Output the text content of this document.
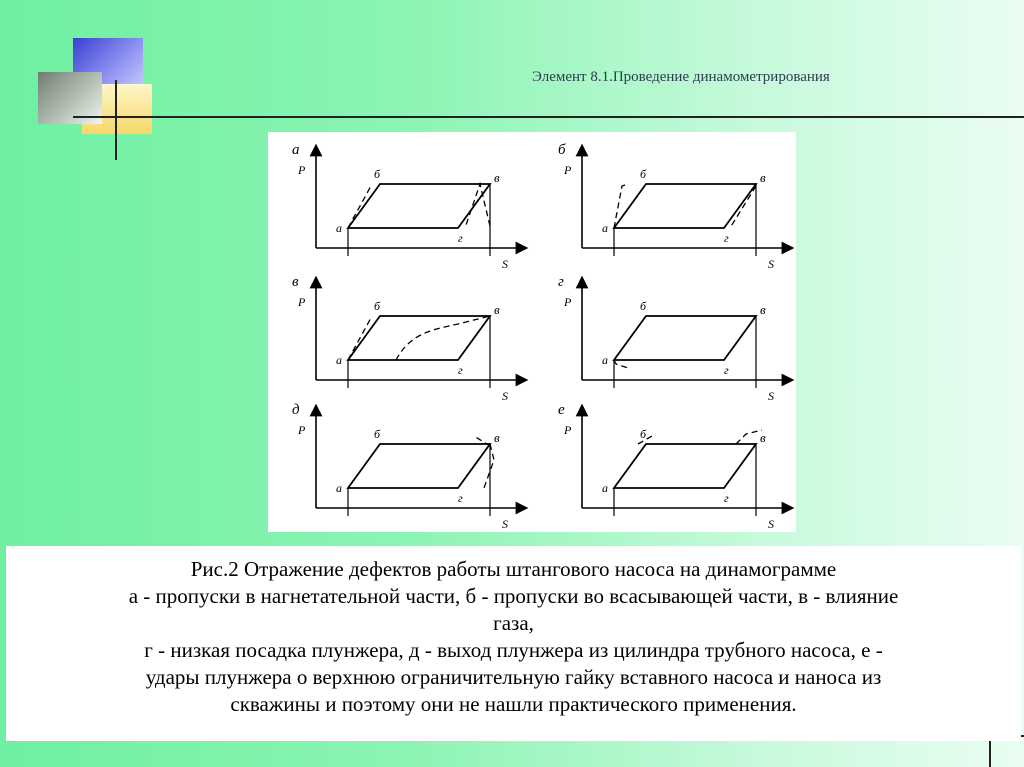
Элемент 8.1.Проведение динамометрирования
а
P
S
а
б	в
г
б
P
S
а
б	в
г
в
P
S
а
б	в
г
г
P
S
а
б	в
г
д
P
S
а
б	в
г
е
P
S
а
б	в
г
Рис.2 Отражение дефектов работы штангового насоса на динамограмме
а - пропуски в нагнетательной части, б - пропуски во всасывающей части, в - влияние
газа,
г - низкая посадка плунжера, д - выход плунжера из цилиндра трубного насоса, е -
удары плунжера о верхнюю ограничительную гайку вставного насоса и наноса из
скважины и поэтому они не нашли практического применения.
